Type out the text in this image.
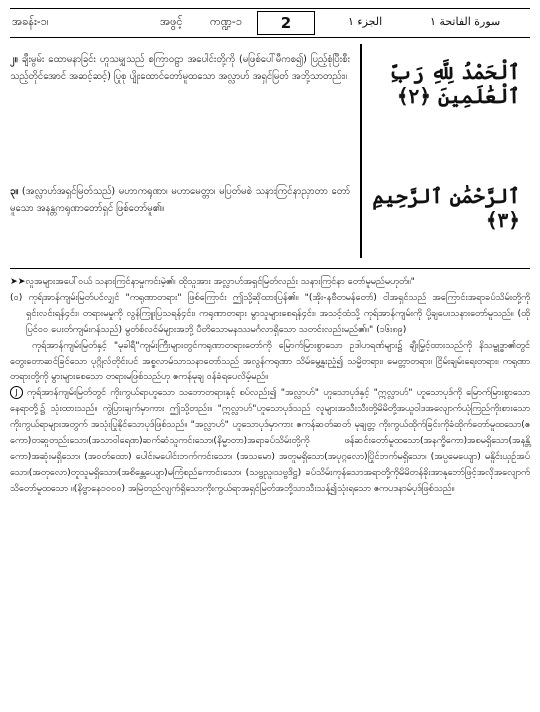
အခန်း-၁၊	အဖွင့်	ကဏ္ဍ-၁	2	الجزء ١	سورة الفاتحة ١
၂။ ချီးမွမ်း ထောမနာခြင်း ဟူသမျှသည် စကြာဝဠာ အပေါင်းတို့ကို (မဖြစ်ပေါ်မီကစ၍) ပြည့်စုံပြီးစီးသည့်တိုင်အောင် အဆင့်ဆင့်) ပြုစု ပျိုးထောင်တော်မူထသော အလ္လာဟ် အရှင်မြတ် အဘို့သာတည်း။	ٱلْحَمْدُ لِلَّهِ رَبِّ ٱلْعَٰلَمِينَ ﴿٢﴾
၃။ (အလ္လာဟ်အရှင်မြတ်သည်) မဟာကရုဏာ၊ မဟာမေတ္တာ၊ မပြတ်မစဲ သနားကြင်နာညှာတာ တော်မူသော အနန္တကရုဏာတော်ရှင် ဖြစ်တော်မူ၏။	ٱلرَّحْمَٰنِ ٱلرَّحِيمِ ﴿٣﴾

➤➤လူအများအပေါ်ဝယ် သနားကြင်နာမှုကင်းမဲ့၏၊ ထိုသူအား အလ္လာဟ်အရှင်မြတ်လည်း သနားကြင်နာ တော်မူမည်မဟုတ်။"

(၀) ကုရ်အာန်ကျမ်းမြတ်ပင်လျှင် "ကရုဏာတရား" ဖြစ်ကြောင်း ဤသို့ဆိုထားပြန်၏။ "(အိုး-နဗီတမန်တော်) ငါအရှင်သည် အကြောင်းအရာခပ်သိမ်းတို့ကို ရှင်းလင်းရန်၄င်း၊ တရားမမှုကို လွန်ကြူးပြသရန်၄င်း၊ ကရုဏာတရား မွာသူများစေရန်၄င်း၊ အသင့်ထံသို့ ကုရ်အာန်ကျမ်းကို ပို့ချပေးသနားတော်မူသည်။ (ထိုပြင်၀၀ ပေးတ်ကျမ်းဂန်သည်) မွတ်စ်လင်မ်များအဘို့ ပီတိသောမနဿမင်္ဂလာရှိသော သတင်းလည်းမည်၏။" (၁၆း၈၉)

ကုရ်အာန်ကျမ်းမြတ်နှင့် "မုခါရီ"ကျမ်းကြီးများတွင်ကရုဏာတရားတော်ကို မြောက်မြားစွာသော ဥဒါဟရဏ်များ၌ ချီးမြှင့်ထားသည်ကို နိသမ္ဗုဒ္ဓာ၏တွင် တွေးတောဆင်ခြင်သော ပုဂ္ဂိုလ်တိုင်းပင် အစ္စလာမ်သာသနာတော်သည် အလွန်ကရုဏာ သိမ်မွေ့နူးညံ့၍ သမ္မိတရား၊ မေတ္တာတရား၊ ငြိမ်းချမ်းရေးတရား၊ ကရုဏာတရားတို့ကို မွားများစေသော တရားမဖြစ်သည်ဟု ဧကန်မုချ ဝန်ခံရပေလိမ့်မည်။

J ကုရ်အာန်ကျမ်းမြတ်တွင် ကိုးကွယ်ရာဟူသော သဘောတရားနှင့် စပ်လည်း၍ "အလ္လာဟ်" ဟူသောပုဒ်နှင့် "ဣလ္လာဟ်" ဟူသောပုဒ်ကို မြောက်မြားစွာသော နေရာတို့၌ သုံးထားသည်။ ကွဲပြားချက်မှာကား ဤသို့တည်း။ "ဣလ္လာဟ်"ဟူသောပုဒ်သည် လူများအသီးသီးတို့မိမိတို့အယူဝါဒအလျောက်ယုံကြည်ကိုးစားသော ကိုးကွယ်ရာများအတွက် အသုံးပြုနိုင်သောပုဒ်ဖြစ်သည်။ "အလ္လာဟ်" ဟူသောပုဒ်မှာကား ဧကန်ဆတ်ဆတ် မုချတ္တ ကိုးကွယ်ထိုက်ခြင်းကိုခံထိုက်တော်မူထသော(ဧကော)တဆူတည်းသော၊(အသာဝါရေဏ)ဆက်ဆံသူကင်းသော၊(နိမ္မာတာ)အရာခပ်သိမ်းတို့ကို ဖန်ဆင်းတော်မူထသော(အနက္ခိကော)အစမရှိသော(အနန္တိကော)အဆုံးမရှိသော၊ (အဝတ်ထော) ပေါင်းမပေါင်းဘက်ကင်းသော၊ (အသမော) အတူမရှိသော(အပုဂ္ဂလော)ပြိုင်ဘက်မရှိသော၊ (အပ္ပမေယျော) မနိူင်းယှဉ်အပ်သော၊(အတုလော)တူသူမရှိသော၊(အစိန္တေယျော)မကြံစည်ကောင်းသော၊ (သဗ္ဗညူ၊သဗ္ဗဒိဋ္ဌ) ခပ်သိမ်းကုန်သောအရာတို့ကိုမိမိတန်ခိုးအာနုဘော်ဖြင့်အလိုအလျောက်သိတော်မူထသော ။(နိဗ္ဗာနေ၁၀၀၀) အမြဲတည်လျက်ရှိသောကိုးကွယ်ရာအရှင်မြတ်အဘို့သာသီးသန့်၍သုံးရသော ဧကပဒနာမ်ပုဒ်ဖြစ်သည်။
